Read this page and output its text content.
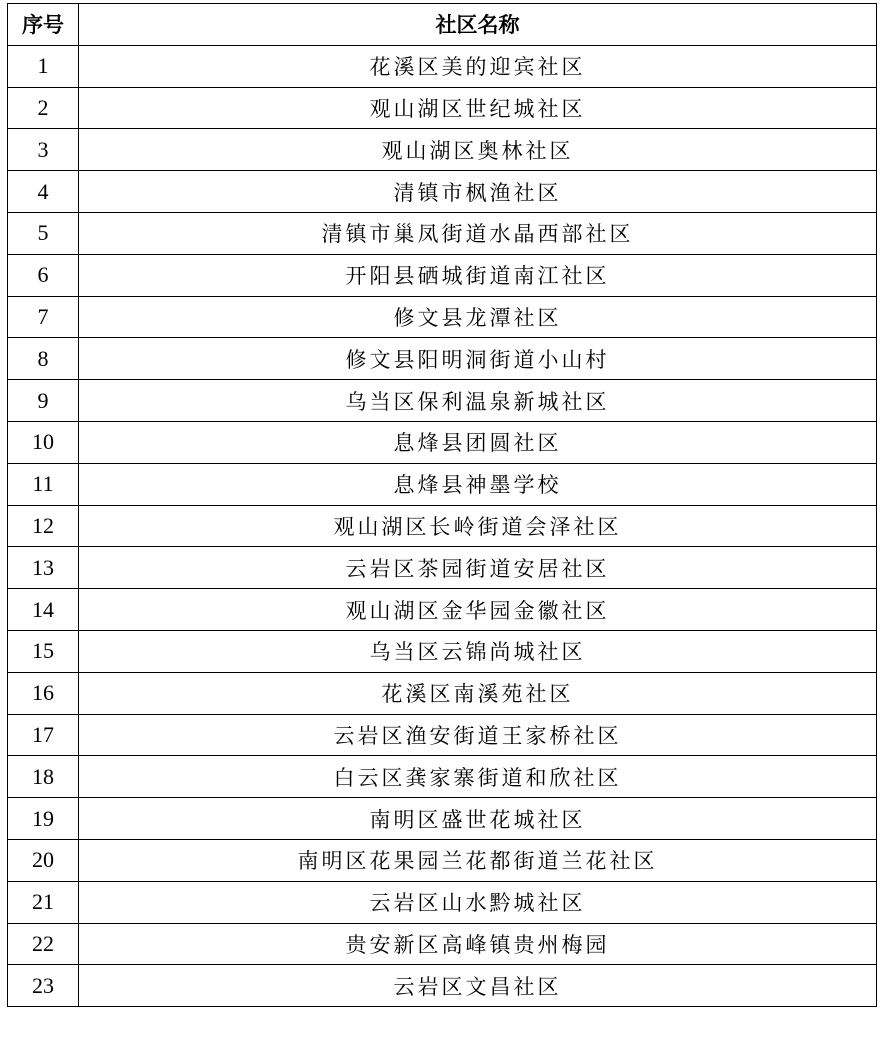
序号	社区名称
1	花溪区美的迎宾社区
2	观山湖区世纪城社区
3	观山湖区奥林社区
4	清镇市枫渔社区
5	清镇市巢凤街道水晶西部社区
6	开阳县硒城街道南江社区
7	修文县龙潭社区
8	修文县阳明洞街道小山村
9	乌当区保利温泉新城社区
10	息烽县团圆社区
11	息烽县神墨学校
12	观山湖区长岭街道会泽社区
13	云岩区茶园街道安居社区
14	观山湖区金华园金徽社区
15	乌当区云锦尚城社区
16	花溪区南溪苑社区
17	云岩区渔安街道王家桥社区
18	白云区龚家寨街道和欣社区
19	南明区盛世花城社区
20	南明区花果园兰花都街道兰花社区
21	云岩区山水黔城社区
22	贵安新区高峰镇贵州梅园
23	云岩区文昌社区
